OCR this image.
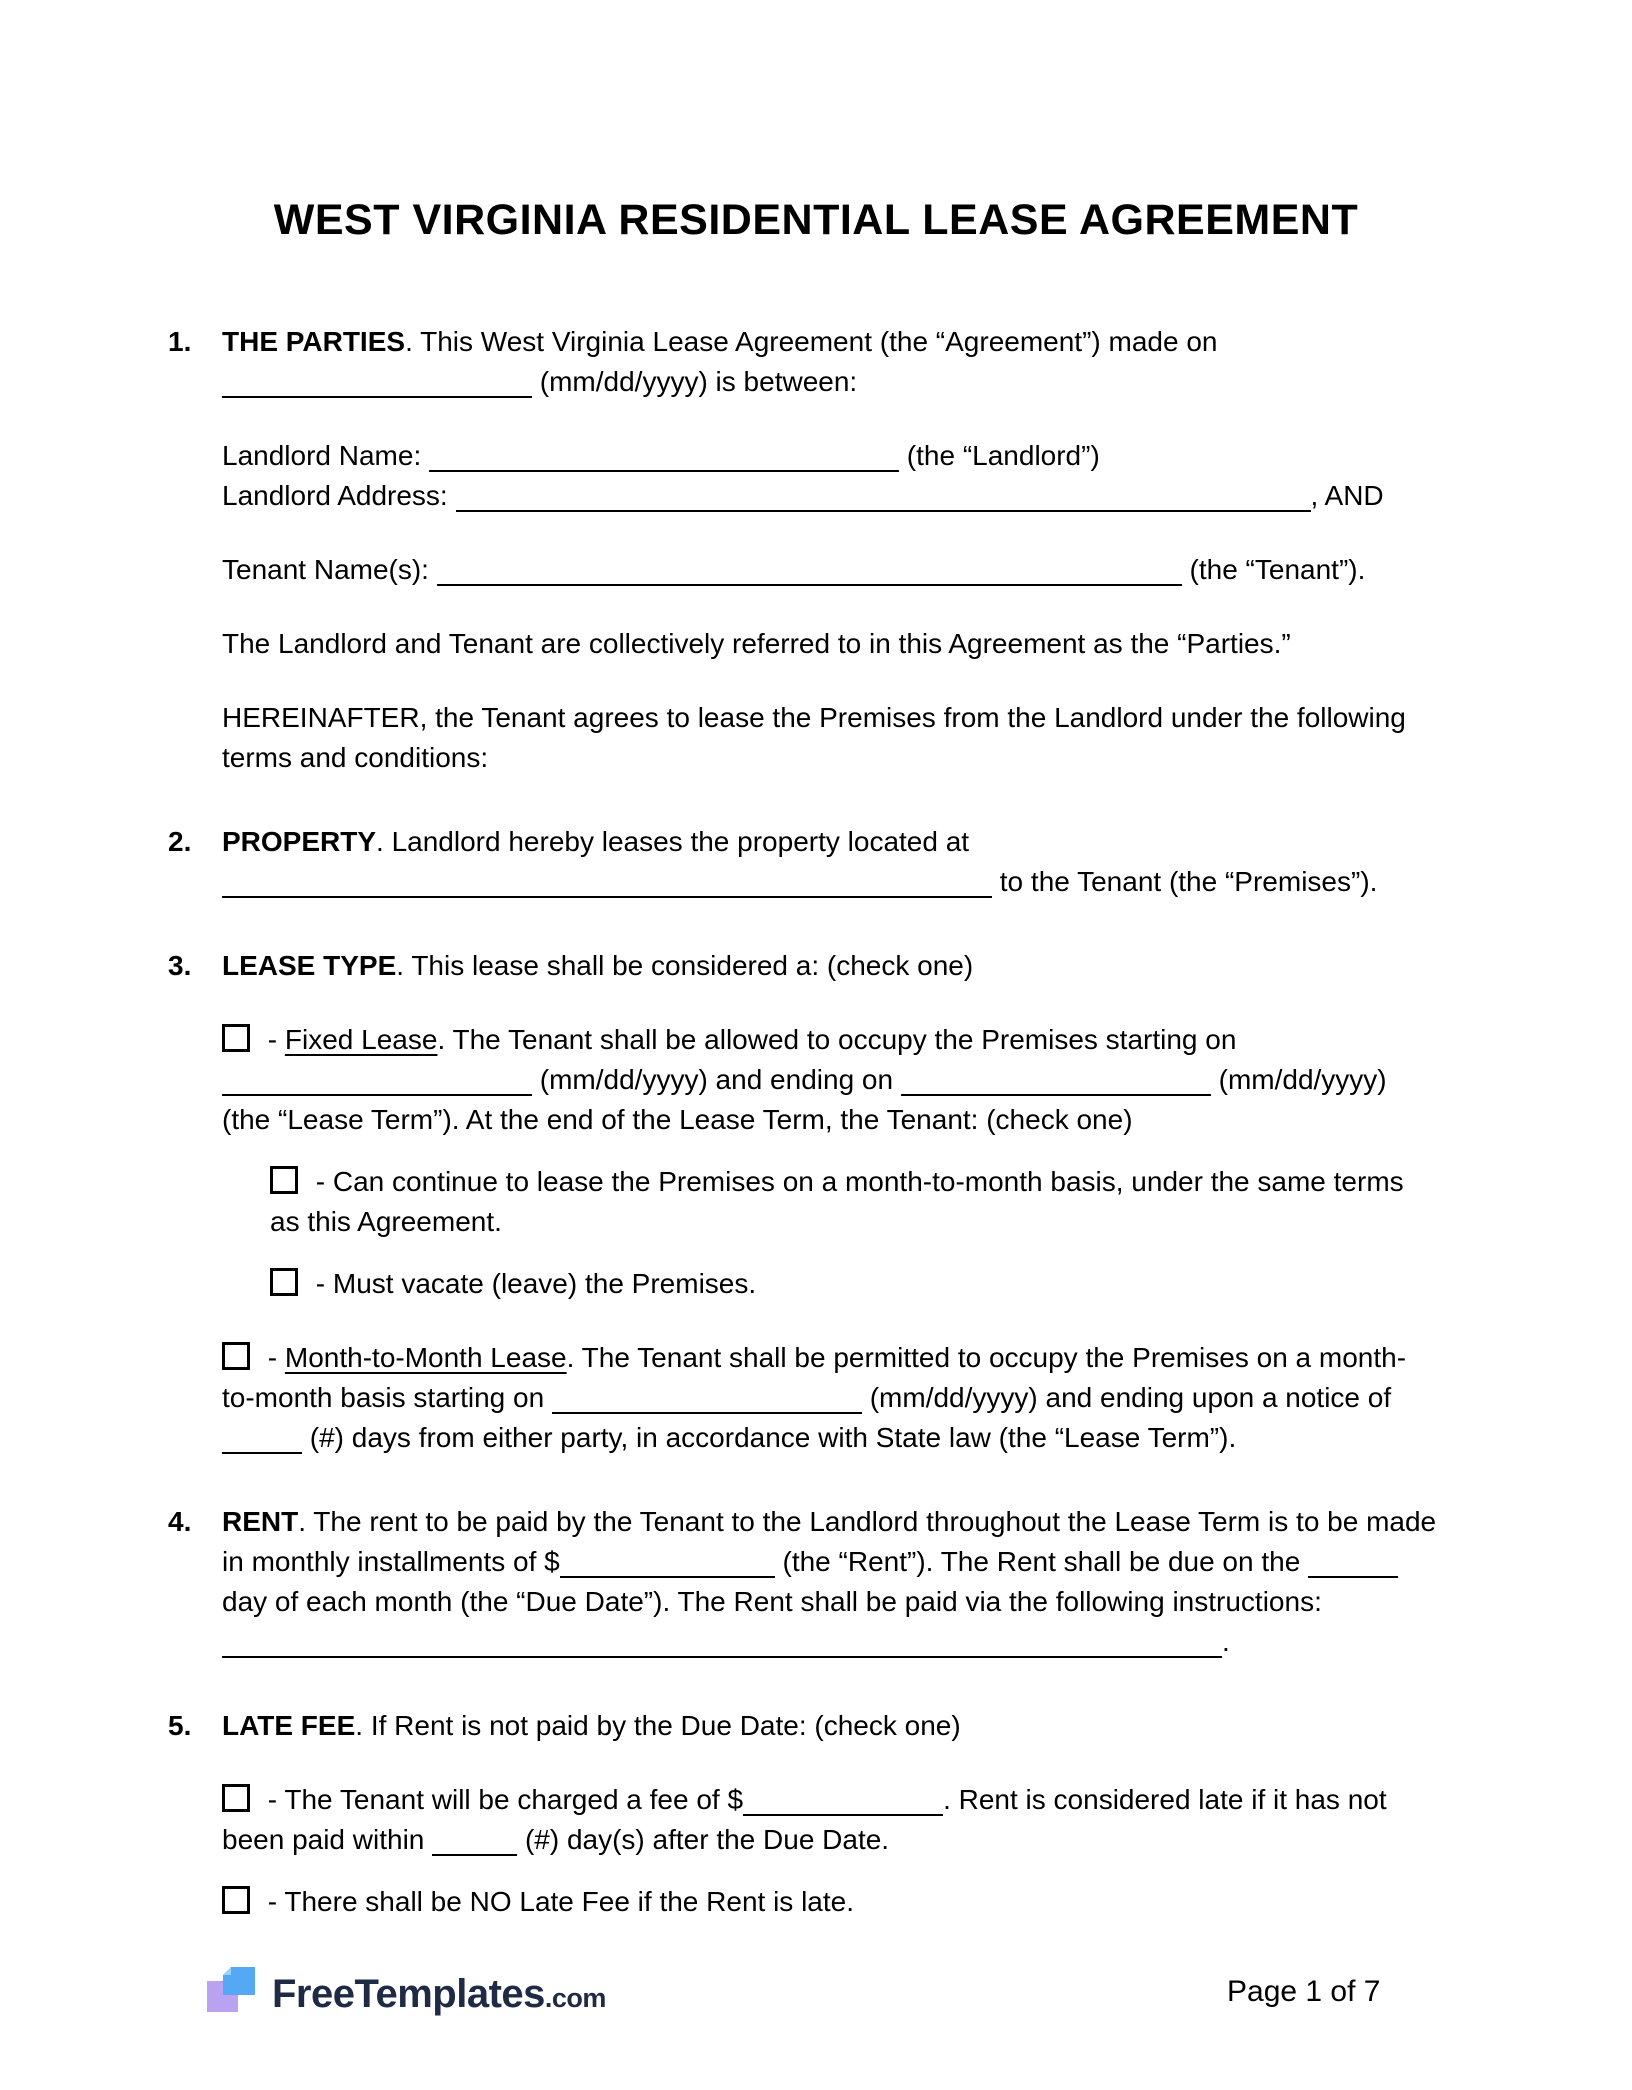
WEST VIRGINIA RESIDENTIAL LEASE AGREEMENT
1.	THE PARTIES. This West Virginia Lease Agreement (the “Agreement”) made on  (mm/dd/yyyy) is between:

Landlord Name:	(the “Landlord”)
Landlord Address:	, AND

Tenant Name(s):	(the “Tenant”).

The Landlord and Tenant are collectively referred to in this Agreement as the “Parties.”

HEREINAFTER, the Tenant agrees to lease the Premises from the Landlord under the following terms and conditions:

2.	PROPERTY. Landlord hereby leases the property located at  to the Tenant (the “Premises”).

3.	LEASE TYPE. This lease shall be considered a: (check one)

- Fixed Lease. The Tenant shall be allowed to occupy the Premises starting on  (mm/dd/yyyy) and ending on	(mm/dd/yyyy) (the “Lease Term”). At the end of the Lease Term, the Tenant: (check one)

- Can continue to lease the Premises on a month-to-month basis, under the same terms as this Agreement.

- Must vacate (leave) the Premises.

- Month-to-Month Lease. The Tenant shall be permitted to occupy the Premises on a month-to-month basis starting on	(mm/dd/yyyy) and ending upon a notice of  (#) days from either party, in accordance with State law (the “Lease Term”).

4.	RENT. The rent to be paid by the Tenant to the Landlord throughout the Lease Term is to be made in monthly installments of $	(the “Rent”). The Rent shall be due on the  day of each month (the “Due Date”). The Rent shall be paid via the following instructions: .

5.	LATE FEE. If Rent is not paid by the Due Date: (check one)

- The Tenant will be charged a fee of $	. Rent is considered late if it has not been paid within	(#) day(s) after the Due Date.

- There shall be NO Late Fee if the Rent is late.

FreeTemplates.com	Page 1 of 7
